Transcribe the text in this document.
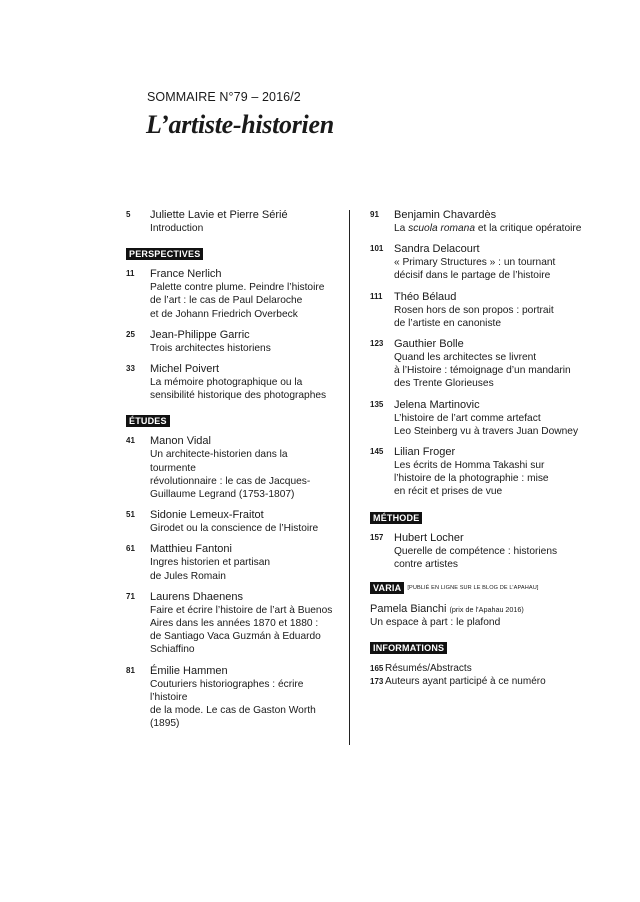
SOMMAIRE N°79 – 2016/2
L’artiste-historien
5 Juliette Lavie et Pierre Sérié
Introduction
PERSPECTIVES
11 France Nerlich
Palette contre plume. Peindre l’histoire
de l’art : le cas de Paul Delaroche
et de Johann Friedrich Overbeck
25 Jean-Philippe Garric
Trois architectes historiens
33 Michel Poivert
La mémoire photographique ou la
sensibilité historique des photographes
ÉTUDES
41 Manon Vidal
Un architecte-historien dans la tourmente
révolutionnaire : le cas de Jacques-
Guillaume Legrand (1753-1807)
51 Sidonie Lemeux-Fraitot
Girodet ou la conscience de l’Histoire
61 Matthieu Fantoni
Ingres historien et partisan
de Jules Romain
71 Laurens Dhaenens
Faire et écrire l’histoire de l’art à Buenos
Aires dans les années 1870 et 1880 :
de Santiago Vaca Guzmán à Eduardo
Schiaffino
81 Émilie Hammen
Couturiers historiographes : écrire l’histoire
de la mode. Le cas de Gaston Worth (1895)
91 Benjamin Chavardès
La scuola romana et la critique opératoire
101 Sandra Delacourt
« Primary Structures » : un tournant
décisif dans le partage de l’histoire
111 Théo Bélaud
Rosen hors de son propos : portrait
de l’artiste en canoniste
123 Gauthier Bolle
Quand les architectes se livrent
à l’Histoire : témoignage d’un mandarin
des Trente Glorieuses
135 Jelena Martinovic
L’histoire de l’art comme artefact
Leo Steinberg vu à travers Juan Downey
145 Lilian Froger
Les écrits de Homma Takashi sur
l’histoire de la photographie : mise
en récit et prises de vue
MÉTHODE
157 Hubert Locher
Querelle de compétence : historiens
contre artistes
VARIA [PUBLIÉ EN LIGNE SUR LE BLOG DE L’APAHAU]
Pamela Bianchi (prix de l’Apahau 2016)
Un espace à part : le plafond
INFORMATIONS
165 Résumés/Abstracts
173 Auteurs ayant participé à ce numéro
